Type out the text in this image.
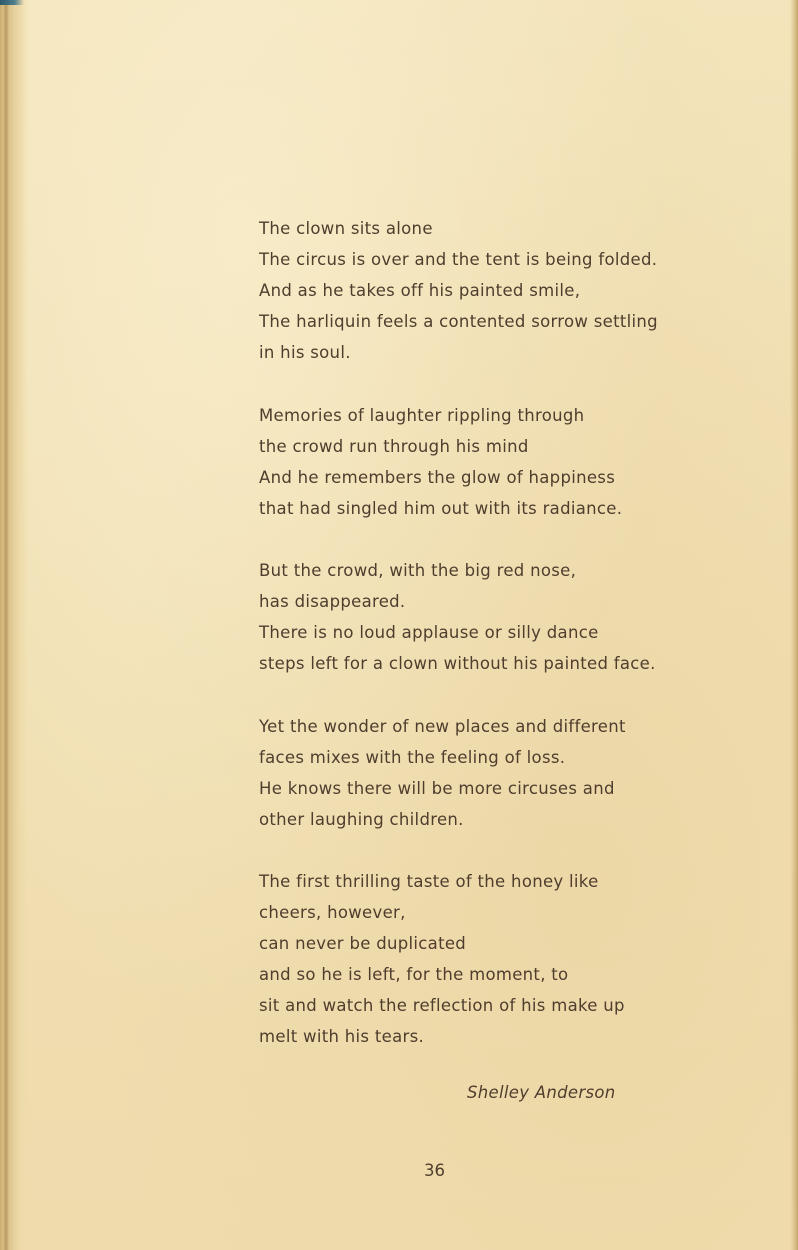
The clown sits alone
The circus is over and the tent is being folded.
And as he takes off his painted smile,
The harliquin feels a contented sorrow settling
in his soul.
Memories of laughter rippling through
the crowd run through his mind
And he remembers the glow of happiness
that had singled him out with its radiance.
But the crowd, with the big red nose,
has disappeared.
There is no loud applause or silly dance
steps left for a clown without his painted face.
Yet the wonder of new places and different
faces mixes with the feeling of loss.
He knows there will be more circuses and
other laughing children.
The first thrilling taste of the honey like
cheers, however,
can never be duplicated
and so he is left, for the moment, to
sit and watch the reflection of his make up
melt with his tears.
Shelley Anderson
36
